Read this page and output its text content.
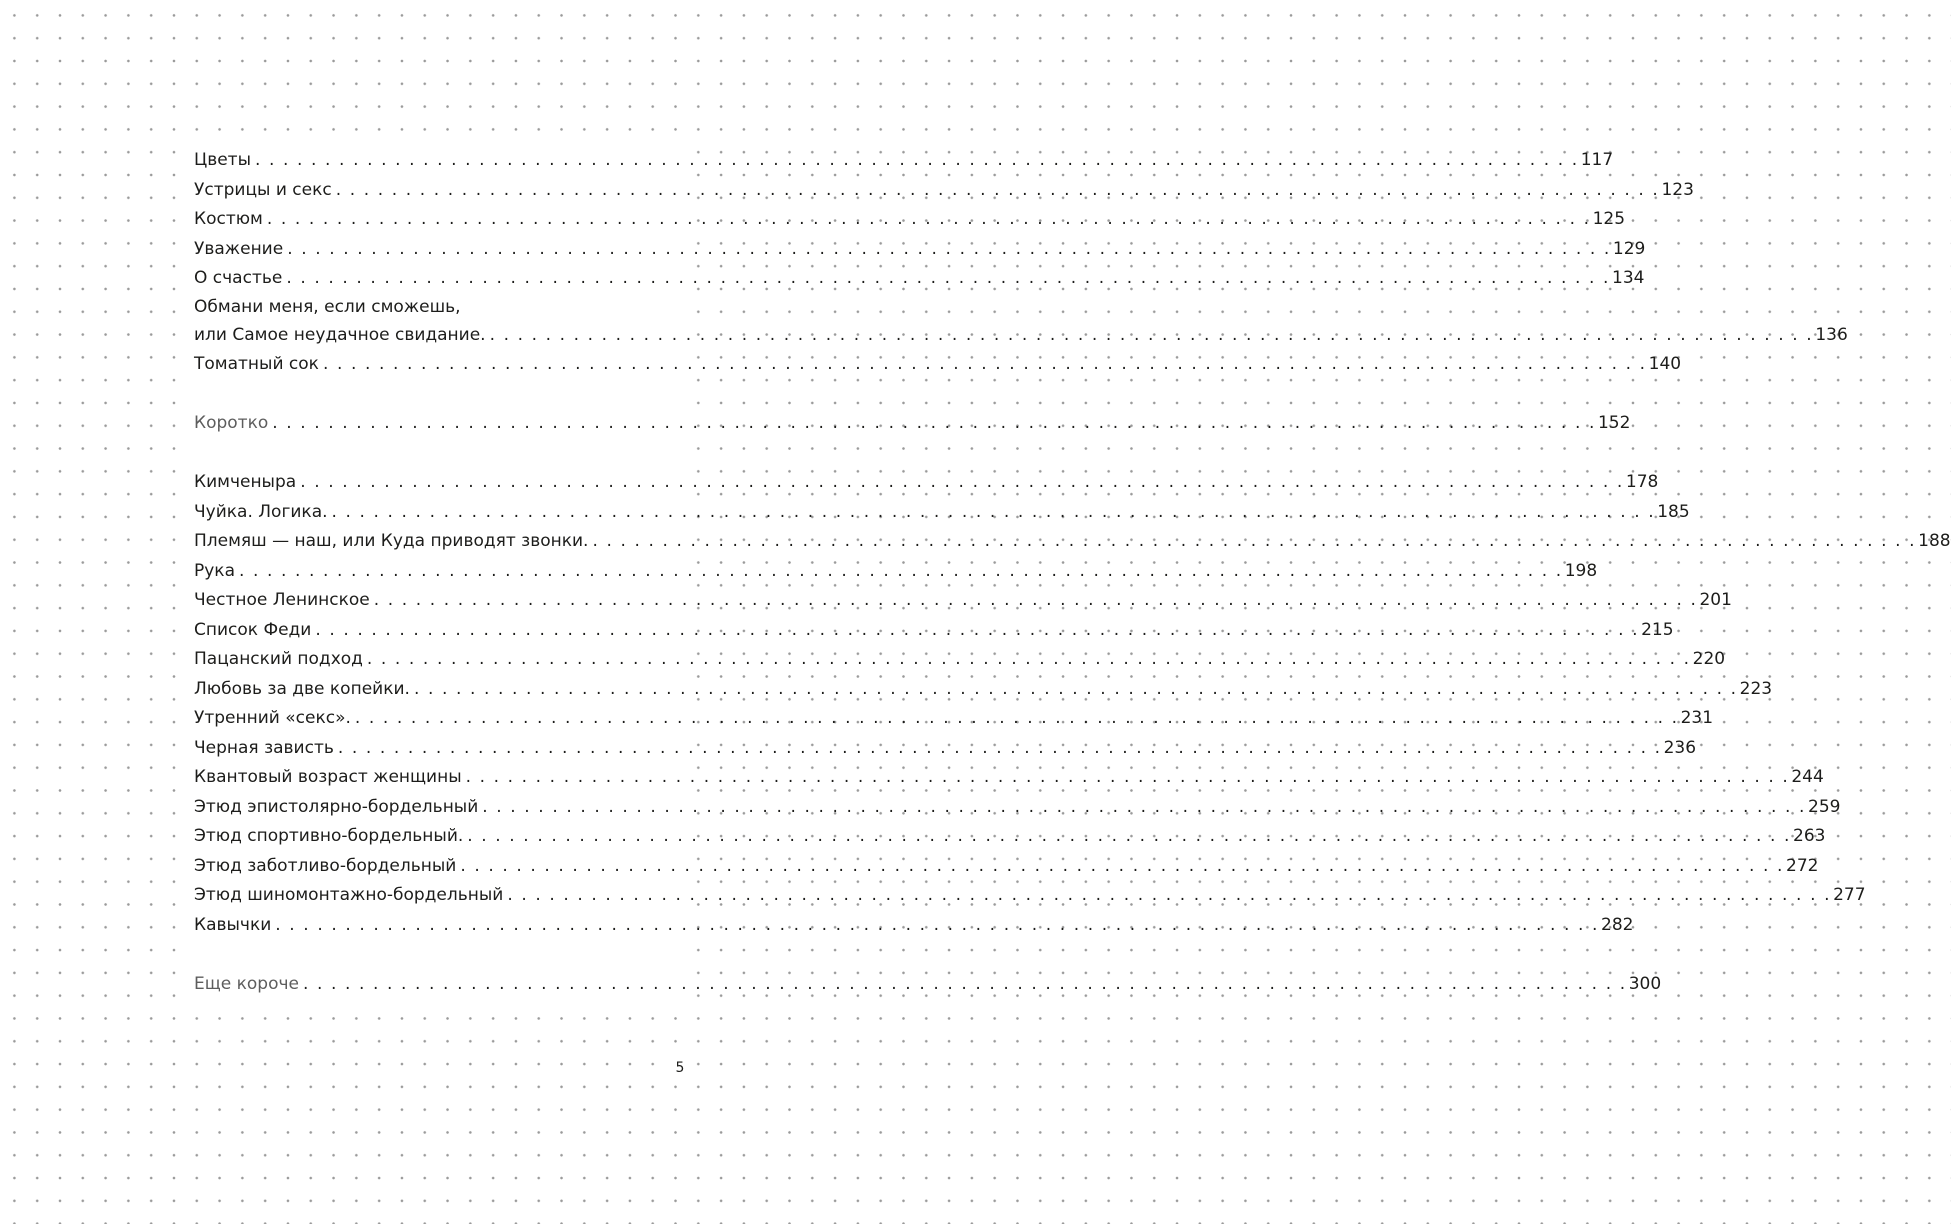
Цветы . . . . . . . . . . . . . . . . . . . . . . . . . . . . . . . . . . . . . . . . . . . . . . . . . . . . . . . . . . . . . . . . . . . . . . . . . . . . . . . . . . . . . . . . . . . . . . . 117
Устрицы и секс . . . . . . . . . . . . . . . . . . . . . . . . . . . . . . . . . . . . . . . . . . . . . . . . . . . . . . . . . . . . . . . . . . . . . . . . . . . . . . . . . . . . . . . . . . . . . . . 123
Костюм . . . . . . . . . . . . . . . . . . . . . . . . . . . . . . . . . . . . . . . . . . . . . . . . . . . . . . . . . . . . . . . . . . . . . . . . . . . . . . . . . . . . . . . . . . . . . . . 125
Уважение . . . . . . . . . . . . . . . . . . . . . . . . . . . . . . . . . . . . . . . . . . . . . . . . . . . . . . . . . . . . . . . . . . . . . . . . . . . . . . . . . . . . . . . . . . . . . . . 129
О счастье . . . . . . . . . . . . . . . . . . . . . . . . . . . . . . . . . . . . . . . . . . . . . . . . . . . . . . . . . . . . . . . . . . . . . . . . . . . . . . . . . . . . . . . . . . . . . . . 134
Обмани меня, если сможешь,
или Самое неудачное свидание. . . . . . . . . . . . . . . . . . . . . . . . . . . . . . . . . . . . . . . . . . . . . . . . . . . . . . . . . . . . . . . . . . . . . . . . . . . . . . . . . . . . . . . . . . . . . . . . 136
Томатный сок . . . . . . . . . . . . . . . . . . . . . . . . . . . . . . . . . . . . . . . . . . . . . . . . . . . . . . . . . . . . . . . . . . . . . . . . . . . . . . . . . . . . . . . . . . . . . . . 140
Коротко . . . . . . . . . . . . . . . . . . . . . . . . . . . . . . . . . . . . . . . . . . . . . . . . . . . . . . . . . . . . . . . . . . . . . . . . . . . . . . . . . . . . . . . . . . . . . . . 152
Кимченыра . . . . . . . . . . . . . . . . . . . . . . . . . . . . . . . . . . . . . . . . . . . . . . . . . . . . . . . . . . . . . . . . . . . . . . . . . . . . . . . . . . . . . . . . . . . . . . . 178
Чуйка. Логика. . . . . . . . . . . . . . . . . . . . . . . . . . . . . . . . . . . . . . . . . . . . . . . . . . . . . . . . . . . . . . . . . . . . . . . . . . . . . . . . . . . . . . . . . . . . . . . . 185
Племяш — наш, или Куда приводят звонки. . . . . . . . . . . . . . . . . . . . . . . . . . . . . . . . . . . . . . . . . . . . . . . . . . . . . . . . . . . . . . . . . . . . . . . . . . . . . . . . . . . . . . . . . . . . . . . . 188
Рука . . . . . . . . . . . . . . . . . . . . . . . . . . . . . . . . . . . . . . . . . . . . . . . . . . . . . . . . . . . . . . . . . . . . . . . . . . . . . . . . . . . . . . . . . . . . . . . 198
Честное Ленинское . . . . . . . . . . . . . . . . . . . . . . . . . . . . . . . . . . . . . . . . . . . . . . . . . . . . . . . . . . . . . . . . . . . . . . . . . . . . . . . . . . . . . . . . . . . . . . . 201
Список Феди . . . . . . . . . . . . . . . . . . . . . . . . . . . . . . . . . . . . . . . . . . . . . . . . . . . . . . . . . . . . . . . . . . . . . . . . . . . . . . . . . . . . . . . . . . . . . . . 215
Пацанский подход . . . . . . . . . . . . . . . . . . . . . . . . . . . . . . . . . . . . . . . . . . . . . . . . . . . . . . . . . . . . . . . . . . . . . . . . . . . . . . . . . . . . . . . . . . . . . . . 220
Любовь за две копейки. . . . . . . . . . . . . . . . . . . . . . . . . . . . . . . . . . . . . . . . . . . . . . . . . . . . . . . . . . . . . . . . . . . . . . . . . . . . . . . . . . . . . . . . . . . . . . . . 223
Утренний «секс». . . . . . . . . . . . . . . . . . . . . . . . . . . . . . . . . . . . . . . . . . . . . . . . . . . . . . . . . . . . . . . . . . . . . . . . . . . . . . . . . . . . . . . . . . . . . . . . 231
Черная зависть . . . . . . . . . . . . . . . . . . . . . . . . . . . . . . . . . . . . . . . . . . . . . . . . . . . . . . . . . . . . . . . . . . . . . . . . . . . . . . . . . . . . . . . . . . . . . . . 236
Квантовый возраст женщины . . . . . . . . . . . . . . . . . . . . . . . . . . . . . . . . . . . . . . . . . . . . . . . . . . . . . . . . . . . . . . . . . . . . . . . . . . . . . . . . . . . . . . . . . . . . . . . 244
Этюд эпистолярно-бордельный . . . . . . . . . . . . . . . . . . . . . . . . . . . . . . . . . . . . . . . . . . . . . . . . . . . . . . . . . . . . . . . . . . . . . . . . . . . . . . . . . . . . . . . . . . . . . . . 259
Этюд спортивно-бордельный. . . . . . . . . . . . . . . . . . . . . . . . . . . . . . . . . . . . . . . . . . . . . . . . . . . . . . . . . . . . . . . . . . . . . . . . . . . . . . . . . . . . . . . . . . . . . . . . 263
Этюд заботливо-бордельный . . . . . . . . . . . . . . . . . . . . . . . . . . . . . . . . . . . . . . . . . . . . . . . . . . . . . . . . . . . . . . . . . . . . . . . . . . . . . . . . . . . . . . . . . . . . . . . 272
Этюд шиномонтажно-бордельный . . . . . . . . . . . . . . . . . . . . . . . . . . . . . . . . . . . . . . . . . . . . . . . . . . . . . . . . . . . . . . . . . . . . . . . . . . . . . . . . . . . . . . . . . . . . . . . 277
Кавычки . . . . . . . . . . . . . . . . . . . . . . . . . . . . . . . . . . . . . . . . . . . . . . . . . . . . . . . . . . . . . . . . . . . . . . . . . . . . . . . . . . . . . . . . . . . . . . . 282
Еще короче . . . . . . . . . . . . . . . . . . . . . . . . . . . . . . . . . . . . . . . . . . . . . . . . . . . . . . . . . . . . . . . . . . . . . . . . . . . . . . . . . . . . . . . . . . . . . . . 300
5
